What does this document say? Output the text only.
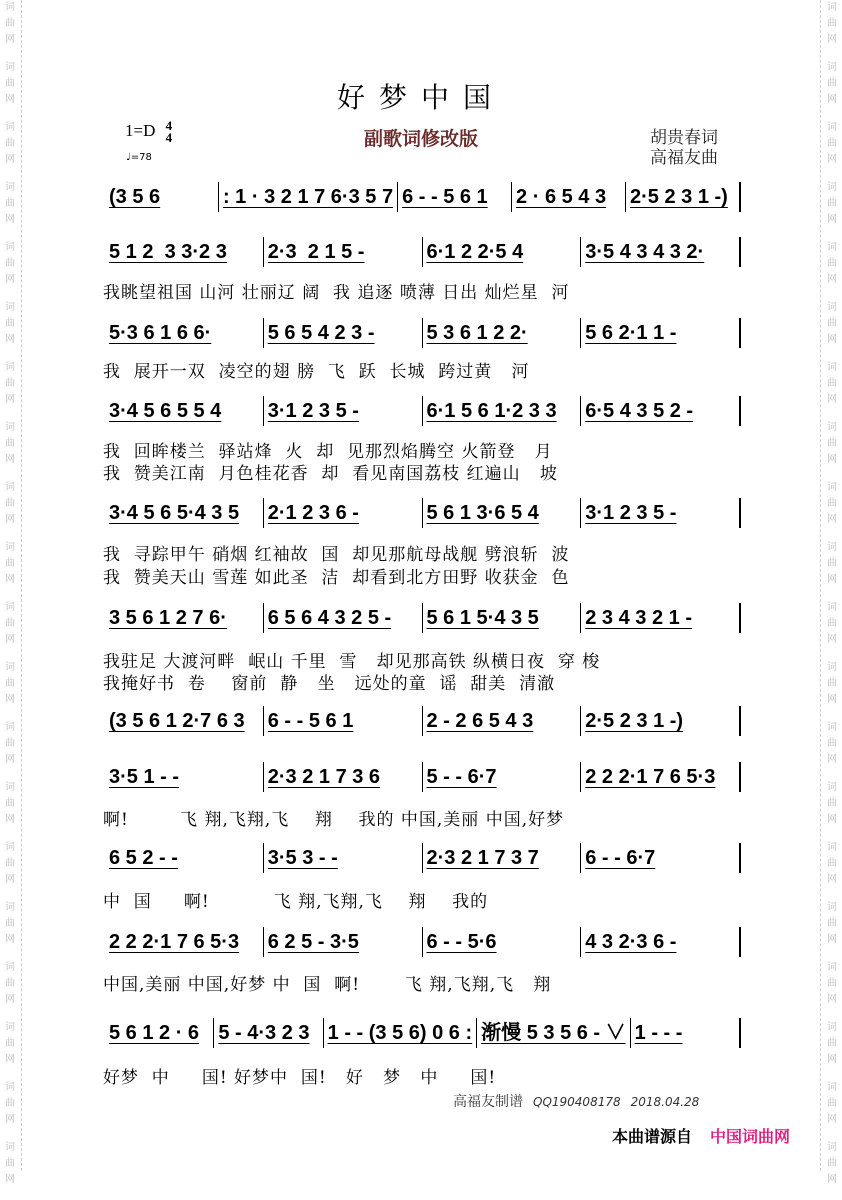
词
曲
网
词
曲
网
词
曲
网
词
曲
网
词
曲
网
词
曲
网
词
曲
网
词
曲
网
词
曲
网
词
曲
网
词
曲
网
词
曲
网
词
曲
网
词
曲
网
词
曲
网
词
曲
网
词
曲
网
词
曲
网
词
曲
网
词
曲
网
词
曲
网
词
曲
网
词
曲
网
词
曲
网
词
曲
网
词
曲
网
词
曲
网
词
曲
网
词
曲
网
词
曲
网
词
曲
网
词
曲
网
词
曲
网
词
曲
网
词
曲
网
词
曲
网
词
曲
网
词
曲
网
词
曲
网
词
曲
网
好梦中国
1=D 4
4
♩=78
副歌词修改版	胡贵春词
高福友曲
(3 5 6	: 1 · 3 2 1 7 6·3 5 7 6 - - 5 6 1	2 · 6 5 4 3	2·5 2 3 1 -)
5 1 2  3 3·2 3	2·3  2 1 5 -	6·1 2 2·5 4	3·5 4 3 4 3 2·
我眺望祖国 山河 壮丽辽 阔  我 追逐 喷薄 日出 灿烂星  河
5·3 6 1 6 6·	5 6 5 4 2 3 -	5 3 6 1 2 2·	5 6 2·1 1 -
我  展开一双  凌空的翅 膀  飞  跃  长城  跨过黄   河
3·4 5 6 5 5 4	3·1 2 3 5 -	6·1 5 6 1·2 3 3	6·5 4 3 5 2 -
我  回眸楼兰  驿站烽  火  却  见那烈焰腾空 火箭登   月
我  赞美江南  月色桂花香  却  看见南国荔枝 红遍山   坡
3·4 5 6 5·4 3 5	2·1 2 3 6 -	5 6 1 3·6 5 4	3·1 2 3 5 -
我  寻踪甲午 硝烟 红袖故  国  却见那航母战舰 劈浪斩  波
我  赞美天山 雪莲 如此圣  洁  却看到北方田野 收获金  色
3 5 6 1 2 7 6·	6 5 6 4 3 2 5 -	5 6 1 5·4 3 5	2 3 4 3 2 1 -
我驻足 大渡河畔  岷山 千里  雪   却见那高铁 纵横日夜  穿 梭
我掩好书  卷    窗前  静   坐   远处的童  谣  甜美  清澈
(3 5 6 1 2·7 6 3	6 - - 5 6 1	2 - 2 6 5 4 3	2·5 2 3 1 -)
3·5 1 - -	2·3 2 1 7 3 6	5 - - 6·7	2 2 2·1 7 6 5·3
啊!        飞 翔,飞翔,飞    翔    我的 中国,美丽 中国,好梦
6 5 2 - -	3·5 3 - -	2·3 2 1 7 3 7	6 - - 6·7
中  国     啊!          飞 翔,飞翔,飞    翔    我的
2 2 2·1 7 6 5·3	6 2 5 - 3·5	6 - - 5·6	4 3 2·3 6 -
中国,美丽 中国,好梦 中  国  啊!       飞 翔,飞翔,飞   翔
5 6 1 2 · 6 5 - 4·3 2 3 1 - - (3 5 6) 0 6 : 渐慢 5 3 5 6 - ∨ 1 - - -
好梦  中     国! 好梦中  国!   好   梦   中     国!
高福友制谱 QQ190408178 2018.04.28
本曲谱源自 中国词曲网
